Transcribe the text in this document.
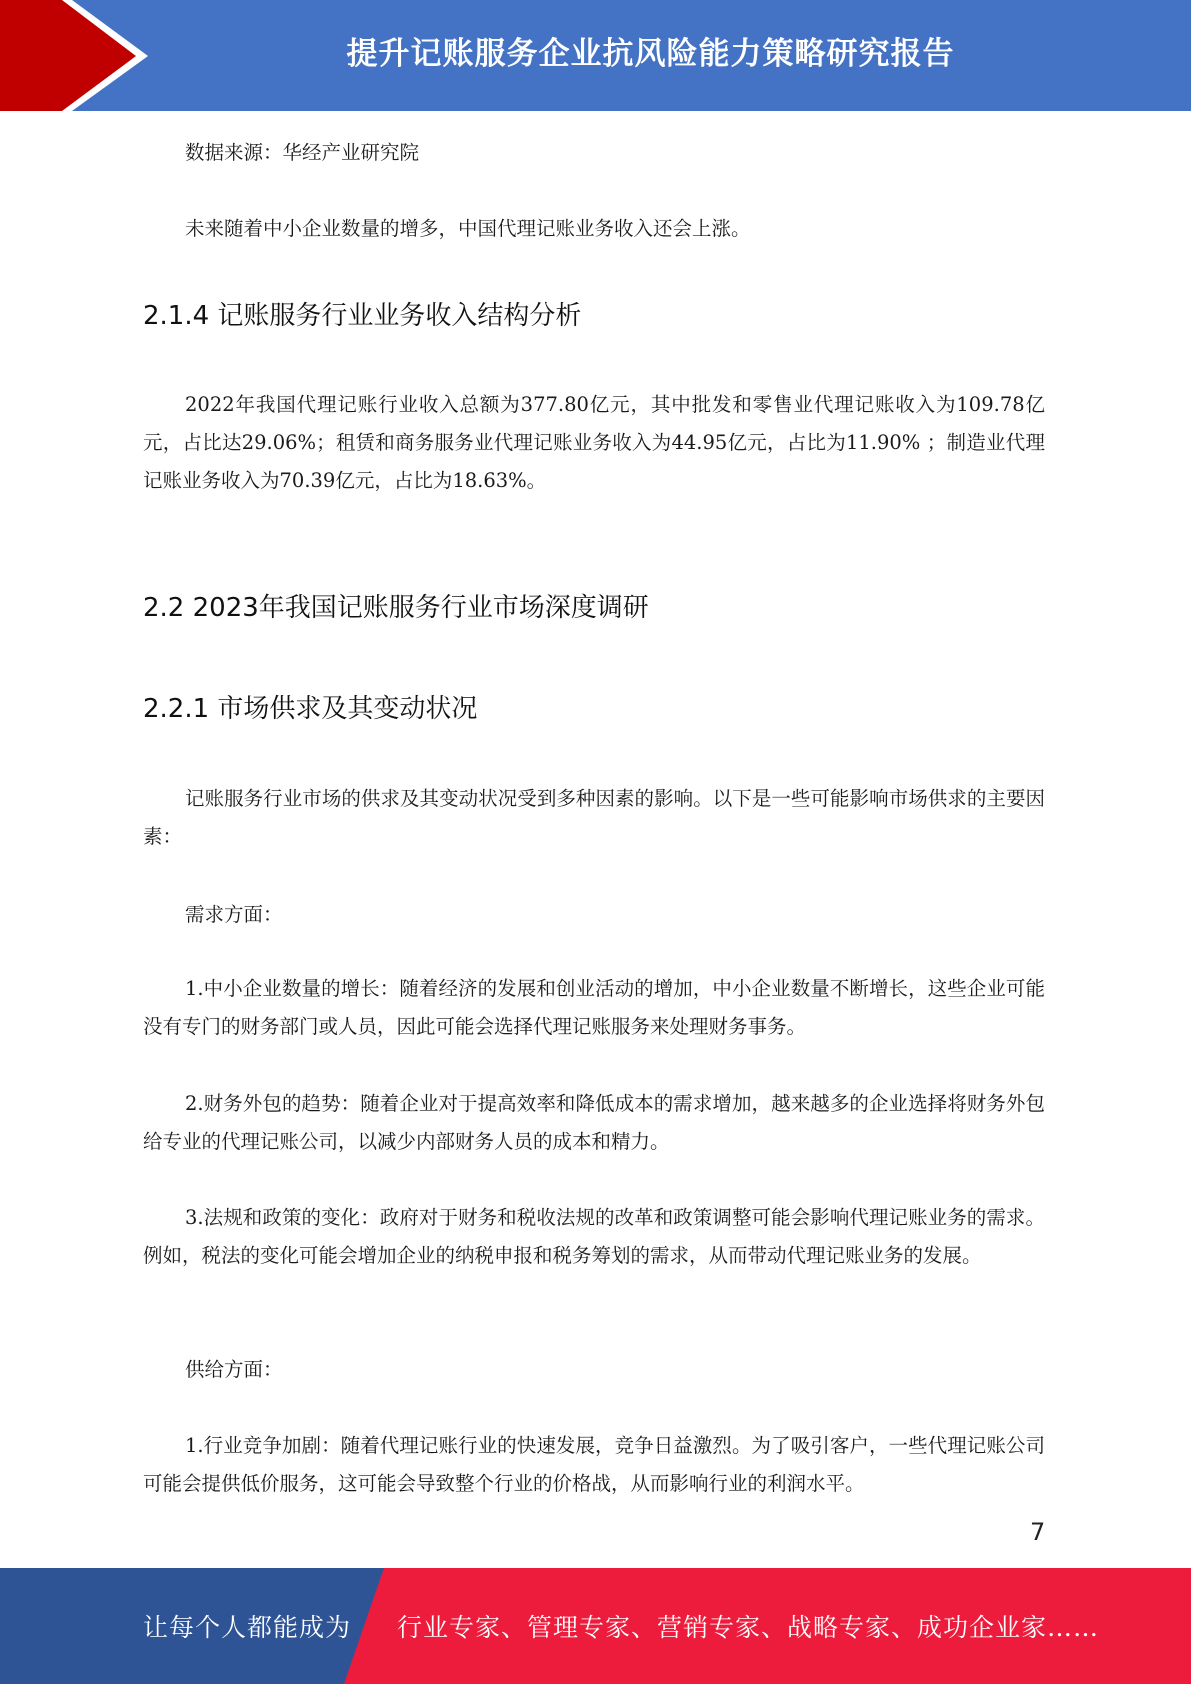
提升记账服务企业抗风险能力策略研究报告

数据来源：华经产业研究院

未来随着中小企业数量的增多，中国代理记账业务收入还会上涨。

2.1.4 记账服务行业业务收入结构分析

2022年我国代理记账行业收入总额为377.80亿元，其中批发和零售业代理记账收入为109.78亿元，占比达29.06%；租赁和商务服务业代理记账业务收入为44.95亿元，占比为11.90% ；制造业代理记账业务收入为70.39亿元，占比为18.63%。

2.2 2023年我国记账服务行业市场深度调研
2.2.1 市场供求及其变动状况

记账服务行业市场的供求及其变动状况受到多种因素的影响。以下是一些可能影响市场供求的主要因素：

需求方面：

1.中小企业数量的增长：随着经济的发展和创业活动的增加，中小企业数量不断增长，这些企业可能没有专门的财务部门或人员，因此可能会选择代理记账服务来处理财务事务。

2.财务外包的趋势：随着企业对于提高效率和降低成本的需求增加，越来越多的企业选择将财务外包给专业的代理记账公司，以减少内部财务人员的成本和精力。

3.法规和政策的变化：政府对于财务和税收法规的改革和政策调整可能会影响代理记账业务的需求。例如，税法的变化可能会增加企业的纳税申报和税务筹划的需求，从而带动代理记账业务的发展。

供给方面：

1.行业竞争加剧：随着代理记账行业的快速发展，竞争日益激烈。为了吸引客户，一些代理记账公司可能会提供低价服务，这可能会导致整个行业的价格战，从而影响行业的利润水平。

7
让每个人都能成为 行业专家、管理专家、营销专家、战略专家、成功企业家……
